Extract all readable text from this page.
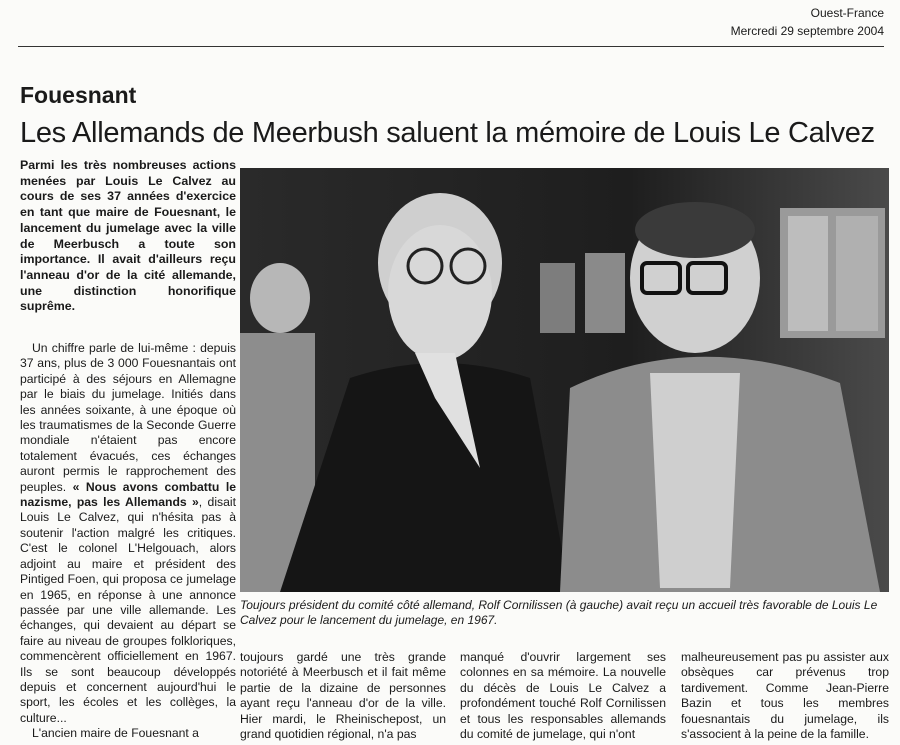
Ouest-France
Mercredi 29 septembre 2004
Fouesnant
Les Allemands de Meerbush saluent la mémoire de Louis Le Calvez

Parmi les très nombreuses actions menées par Louis Le Calvez au cours de ses 37 années d'exercice en tant que maire de Fouesnant, le lancement du jumelage avec la ville de Meerbusch a toute son importance. Il avait d'ailleurs reçu l'anneau d'or de la cité allemande, une distinction honorifique suprême.

Un chiffre parle de lui-même : depuis 37 ans, plus de 3 000 Fouesnantais ont participé à des séjours en Allemagne par le biais du jumelage. Initiés dans les années soixante, à une époque où les traumatismes de la Seconde Guerre mondiale n'étaient pas encore totalement évacués, ces échanges auront permis le rapprochement des peuples. « Nous avons combattu le nazisme, pas les Allemands », disait Louis Le Calvez, qui n'hésita pas à soutenir l'action malgré les critiques. C'est le colonel L'Helgouach, alors adjoint au maire et président des Pintiged Foen, qui proposa ce jumelage en 1965, en réponse à une annonce passée par une ville allemande. Les échanges, qui devaient au départ se faire au niveau de groupes folkloriques, commencèrent officiellement en 1967. Ils se sont beaucoup développés depuis et concernent aujourd'hui le sport, les écoles et les collèges, la culture...

L'ancien maire de Fouesnant a

Toujours président du comité côté allemand, Rolf Cornilissen (à gauche) avait reçu un accueil très favorable de Louis Le Calvez pour le lancement du jumelage, en 1967.

toujours gardé une très grande notoriété à Meerbusch et il fait même partie de la dizaine de personnes ayant reçu l'anneau d'or de la ville. Hier mardi, le Rheinischepost, un grand quotidien régional, n'a pas

manqué d'ouvrir largement ses colonnes en sa mémoire. La nouvelle du décès de Louis Le Calvez a profondément touché Rolf Cornilissen et tous les responsables allemands du comité de jumelage, qui n'ont

malheureusement pas pu assister aux obsèques car prévenus trop tardivement. Comme Jean-Pierre Bazin et tous les membres fouesnantais du jumelage, ils s'associent à la peine de la famille.
